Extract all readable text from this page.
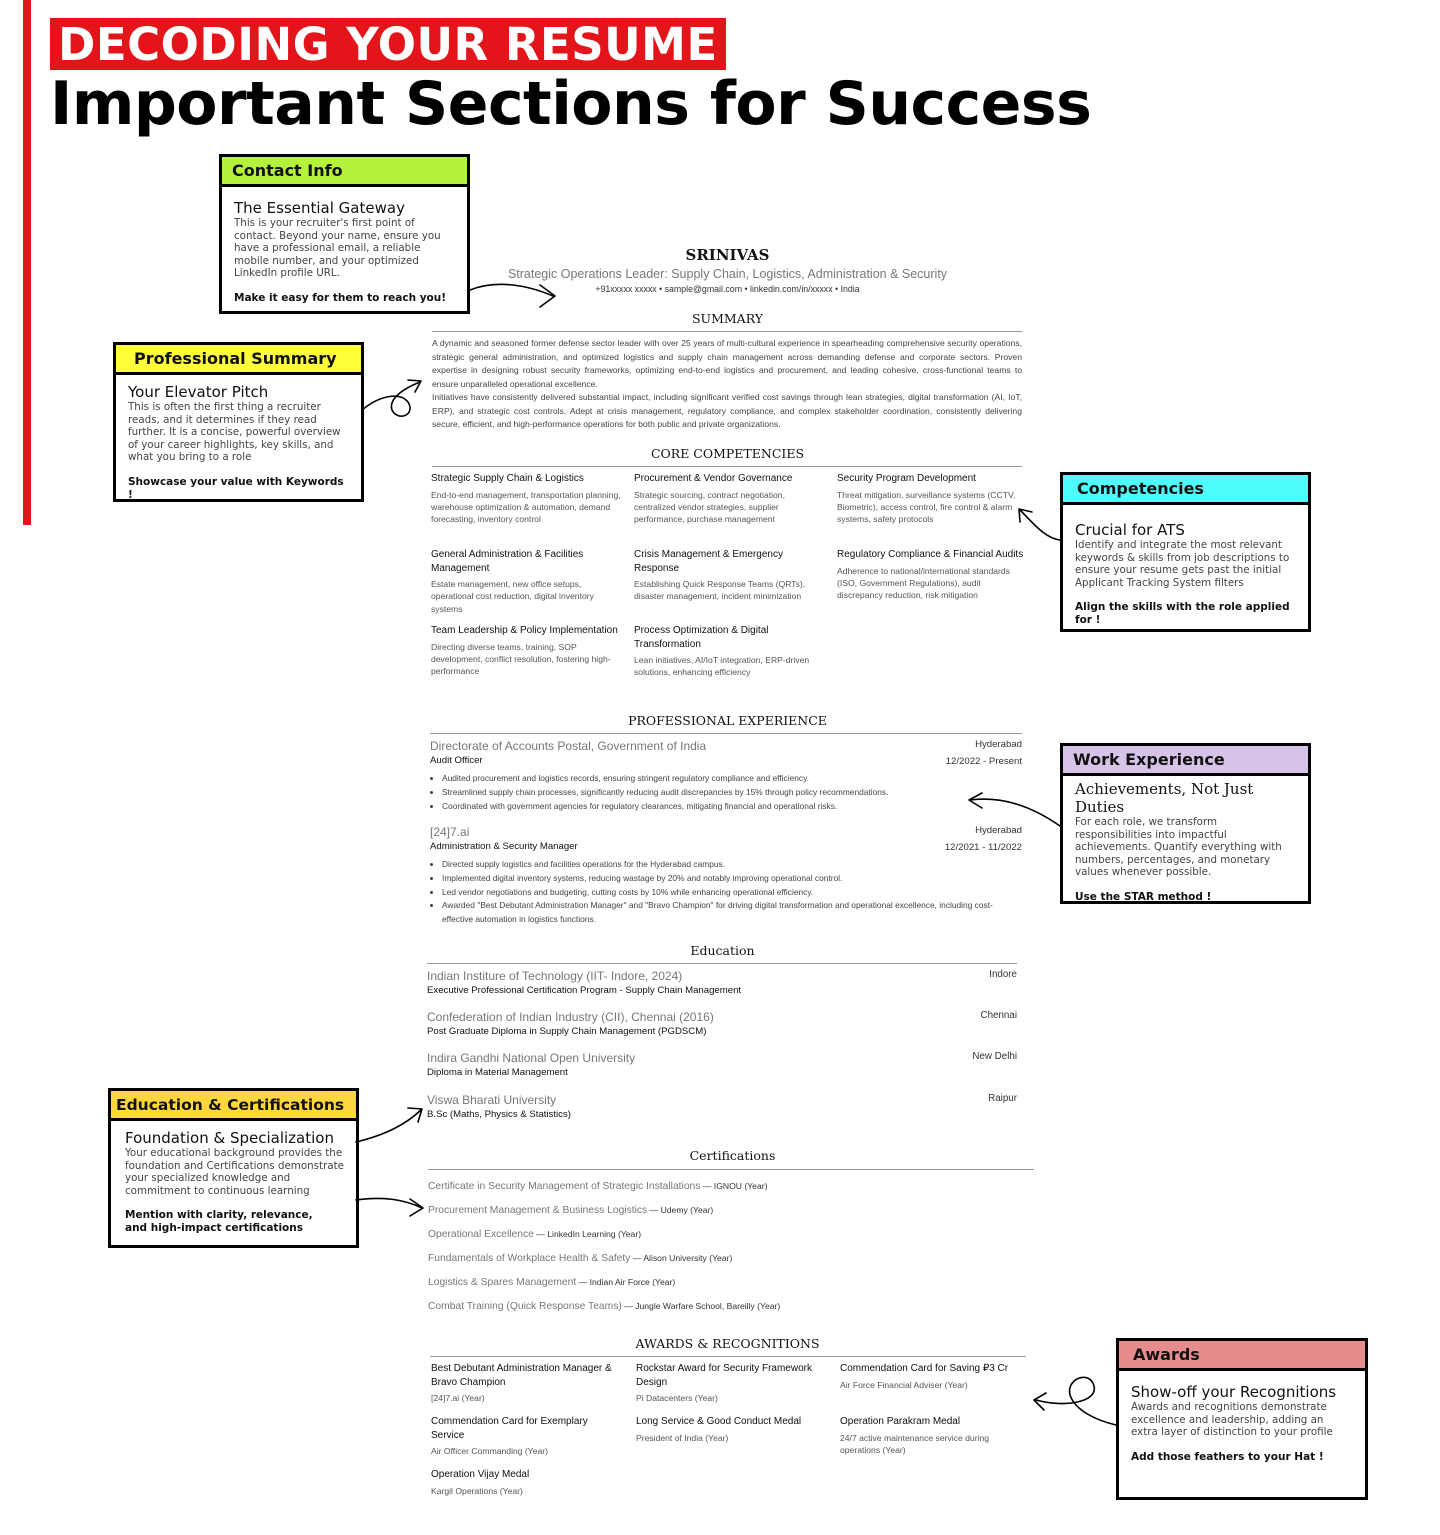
DECODING YOUR RESUME
Important Sections for Success
Contact Info
The Essential Gateway
This is your recruiter's first point of contact. Beyond your name, ensure you have a professional email, a reliable mobile number, and your optimized LinkedIn profile URL.
Make it easy for them to reach you!
Professional Summary
Your Elevator Pitch
This is often the first thing a recruiter reads, and it determines if they read further. It is a concise, powerful overview of your career highlights, key skills, and what you bring to a role
Showcase your value with Keywords !	Competencies
Crucial for ATS
Identify and integrate the most relevant keywords & skills from job descriptions to ensure your resume gets past the initial Applicant Tracking System filters
Align the skills with the role applied for !
Work Experience
Achievements, Not Just Duties
For each role, we transform responsibilities into impactful achievements. Quantify everything with numbers, percentages, and monetary values whenever possible.
Use the STAR method !
Education & Certifications
Foundation & Specialization
Your educational background provides the foundation and Certifications demonstrate your specialized knowledge and commitment to continuous learning
Mention with clarity, relevance, and high-impact certifications
Awards
Show-off your Recognitions
Awards and recognitions demonstrate excellence and leadership, adding an extra layer of distinction to your profile
Add those feathers to your Hat !
SRINIVAS
Strategic Operations Leader: Supply Chain, Logistics, Administration & Security
+91xxxxx xxxxx • sample@gmail.com • linkedin.com/in/xxxxx • India
SUMMARY
A dynamic and seasoned former defense sector leader with over 25 years of multi-cultural experience in spearheading comprehensive security operations, strategic general administration, and optimized logistics and supply chain management across demanding defense and corporate sectors. Proven expertise in designing robust security frameworks, optimizing end-to-end logistics and procurement, and leading cohesive, cross-functional teams to ensure unparalleled operational excellence.
Initiatives have consistently delivered substantial impact, including significant verified cost savings through lean strategies, digital transformation (AI, IoT, ERP), and strategic cost controls. Adept at crisis management, regulatory compliance, and complex stakeholder coordination, consistently delivering secure, efficient, and high-performance operations for both public and private organizations.
CORE COMPETENCIES
Strategic Supply Chain & Logistics
End-to-end management, transportation planning, warehouse optimization & automation, demand forecasting, inventory control
Procurement & Vendor Governance
Strategic sourcing, contract negotiation, centralized vendor strategies, supplier performance, purchase management
Security Program Development
Threat mitigation, surveillance systems (CCTV, Biometric), access control, fire control & alarm systems, safety protocols
General Administration & Facilities Management
Estate management, new office setups, operational cost reduction, digital inventory systems
Crisis Management & Emergency Response
Establishing Quick Response Teams (QRTs), disaster management, incident minimization
Regulatory Compliance & Financial Audits
Adherence to national/international standards (ISO, Government Regulations), audit discrepancy reduction, risk mitigation
Team Leadership & Policy Implementation
Directing diverse teams, training, SOP development, conflict resolution, fostering high-performance
Process Optimization & Digital Transformation
Lean initiatives, AI/IoT integration, ERP-driven solutions, enhancing efficiency
PROFESSIONAL EXPERIENCE
Directorate of Accounts Postal, Government of India	Hyderabad
Audit Officer	12/2022 - Present
• Audited procurement and logistics records, ensuring stringent regulatory compliance and efficiency.
• Streamlined supply chain processes, significantly reducing audit discrepancies by 15% through policy recommendations.
• Coordinated with government agencies for regulatory clearances, mitigating financial and operational risks.
[24]7.ai	Hyderabad
Administration & Security Manager	12/2021 - 11/2022
• Directed supply logistics and facilities operations for the Hyderabad campus.
• Implemented digital inventory systems, reducing wastage by 20% and notably improving operational control.
• Led vendor negotiations and budgeting, cutting costs by 10% while enhancing operational efficiency.
• Awarded "Best Debutant Administration Manager" and "Bravo Champion" for driving digital transformation and operational excellence, including cost-effective automation in logistics functions.
Education
Indian Institure of Technology (IIT- Indore, 2024)	Indore
Executive Professional Certification Program - Supply Chain Management
Confederation of Indian Industry (CII), Chennai (2016)	Chennai
Post Graduate Diploma in Supply Chain Management (PGDSCM)
Indira Gandhi National Open University	New Delhi
Diploma in Material Management
Viswa Bharati University	Raipur
B.Sc (Maths, Physics & Statistics)
Certifications
Certificate in Security Management of Strategic Installations — IGNOU (Year)
Procurement Management & Business Logistics — Udemy (Year)
Operational Excellence — LinkedIn Learning (Year)
Fundamentals of Workplace Health & Safety — Alison University (Year)
Logistics & Spares Management — Indian Air Force (Year)
Combat Training (Quick Response Teams) — Jungle Warfare School, Bareilly (Year)
AWARDS & RECOGNITIONS
Best Debutant Administration Manager & Bravo Champion
[24]7.ai (Year)
Rockstar Award for Security Framework Design
Pi Datacenters (Year)
Commendation Card for Saving ₽3 Cr
Air Force Financial Adviser (Year)
Commendation Card for Exemplary Service
Air Officer Commanding (Year)
Long Service & Good Conduct Medal
President of India (Year)
Operation Parakram Medal
24/7 active maintenance service during operations (Year)
Operation Vijay Medal
Kargil Operations (Year)
